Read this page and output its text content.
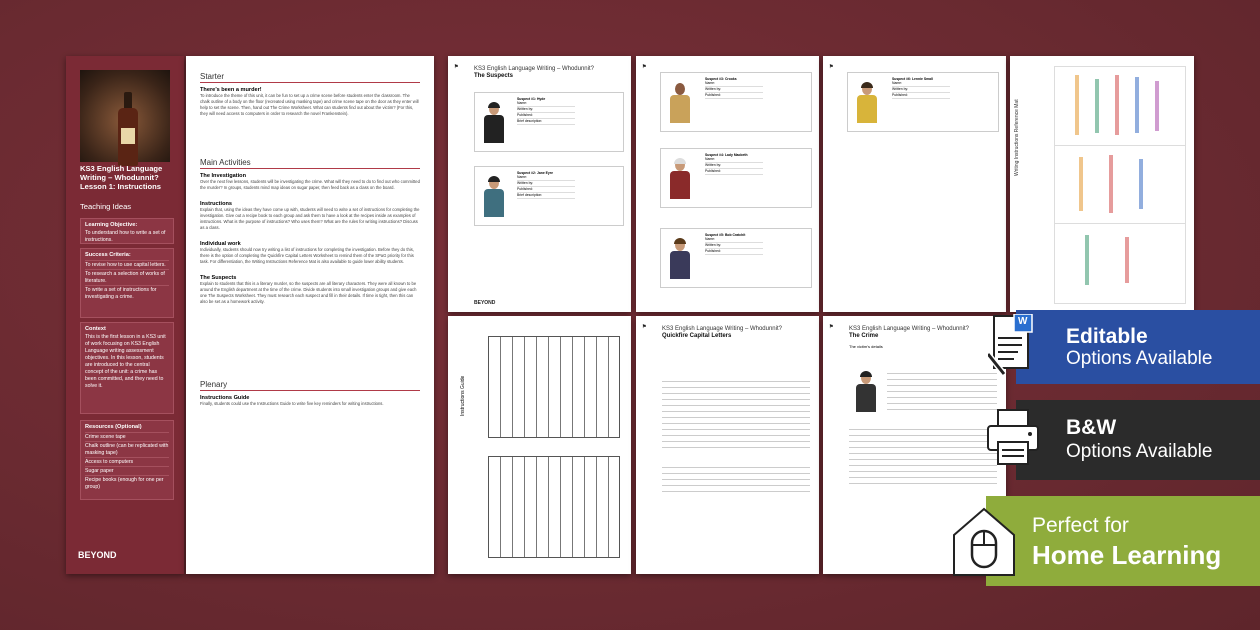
KS3 English Language
Writing – Whodunnit?
Lesson 1: Instructions
Teaching Ideas
Learning Objective:
To understand how to write a set of instructions.
Success Criteria:
To revise how to use capital letters.
To research a selection of works of literature.
To write a set of instructions for investigating a crime.
Context
This is the first lesson in a KS3 unit of work focusing on KS3 English Language writing assessment objectives. In this lesson, students are introduced to the central concept of the unit: a crime has been committed, and they need to solve it.
Resources (Optional)
Crime scene tape
Chalk outline (can be replicated with masking tape)
Access to computers
Sugar paper
Recipe books (enough for one per group)
BEYOND
Starter
There’s been a murder!
To introduce the theme of this unit, it can be fun to set up a crime scene before students enter the classroom. The chalk outline of a body on the floor (recreated using masking tape) and crime scene tape on the door as they enter will help to set the scene. Then, hand out The Crime Worksheet. What can students find out about the victim? (For this, they will need access to computers in order to research the novel Frankenstein).
Main Activities
The Investigation
Over the next few lessons, students will be investigating the crime. What will they need to do to find out who committed the murder? In groups, students mind map ideas on sugar paper, then feed back as a class on the board.
Instructions
Explain that, using the ideas they have come up with, students will need to write a set of instructions for completing the investigation. Give out a recipe book to each group and ask them to have a look at the recipes inside as examples of instructions. What is the purpose of instructions? Who uses them? What are the rules for writing instructions? Discuss as a class.
Individual work
Individually, students should now try writing a list of instructions for completing the investigation. Before they do this, there is the option of completing the Quickfire Capital Letters Worksheet to remind them of the SPaG priority for this task. For differentiation, the Writing Instructions Reference Mat is also available to guide lower ability students.
The Suspects
Explain to students that this is a literary murder, so the suspects are all literary characters. They were all known to be around the English department at the time of the crime. Divide students into small investigation groups and give each one The Suspects Worksheet. They must research each suspect and fill in their details. If time is tight, then this can also be set as a homework activity.
Plenary
Instructions Guide
Finally, students could use the Instructions Guide to write five key reminders for writing instructions.
⚑	KS3 English Language Writing – Whodunnit?
The Suspects
Suspect #1: Hyde
Name:
Written by:
Published:
Brief description:
Suspect #2: Jane Eyre
Name:
Written by:
Published:
Brief description:
BEYOND
⚑
Suspect #3: Crooks
Name:
Written by:
Published:
Suspect #4: Lady Macbeth
Name:
Written by:
Published:
Suspect #5: Bob Cratchit
Name:
Written by:
Published:
⚑
Suspect #6: Lennie Small
Name:
Written by:
Published:
Writing Instructions Reference Mat
Instructions Guide
⚑	KS3 English Language Writing – Whodunnit?
Quickfire Capital Letters
⚑	KS3 English Language Writing – Whodunnit?
The Crime
The victim’s details	Editable
Options Available
W
B&W
Options Available
Perfect for
Home Learning
